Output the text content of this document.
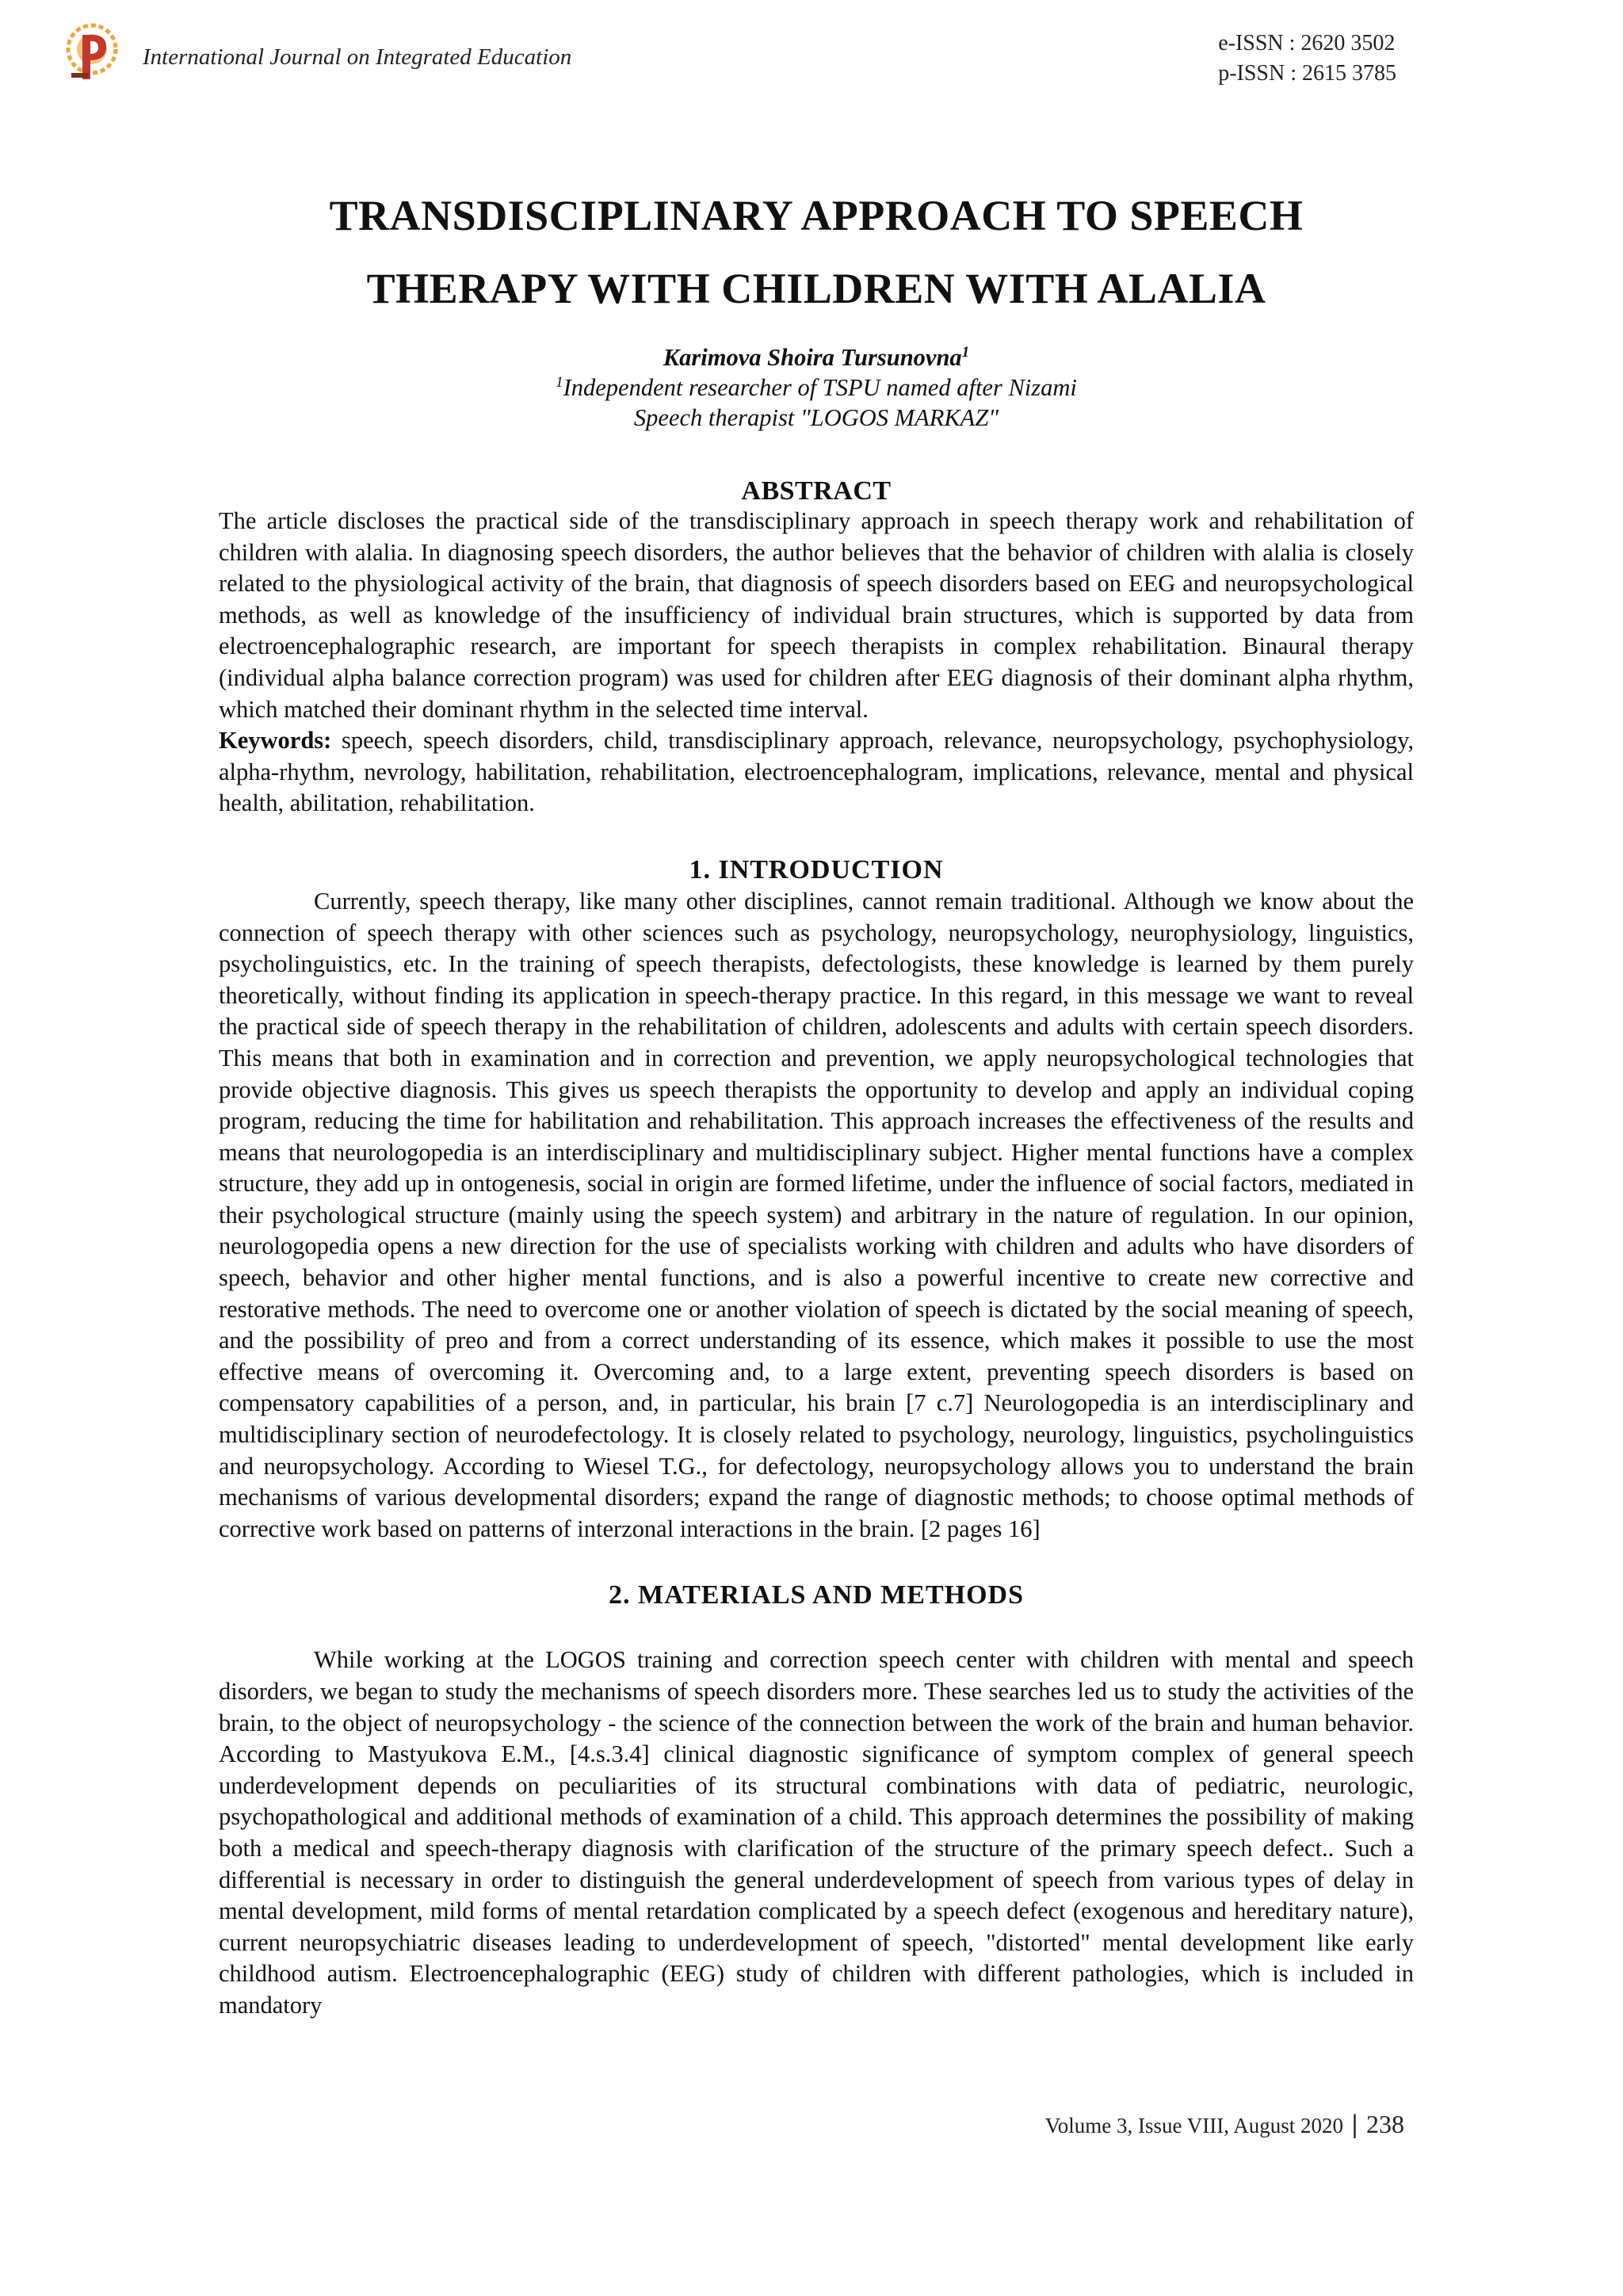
International Journal on Integrated Education
e-ISSN : 2620 3502
p-ISSN : 2615 3785
TRANSDISCIPLINARY APPROACH TO SPEECH
THERAPY WITH CHILDREN WITH ALALIA
Karimova Shoira Tursunovna$^1$
$^1$Independent researcher of TSPU named after Nizami
Speech therapist "LOGOS MARKAZ"
ABSTRACT

The article discloses the practical side of the transdisciplinary approach in speech therapy work and rehabilitation of children with alalia. In diagnosing speech disorders, the author believes that the behavior of children with alalia is closely related to the physiological activity of the brain, that diagnosis of speech disorders based on EEG and neuropsychological methods, as well as knowledge of the insufficiency of individual brain structures, which is supported by data from electroencephalographic research, are important for speech therapists in complex rehabilitation. Binaural therapy (individual alpha balance correction program) was used for children after EEG diagnosis of their dominant alpha rhythm, which matched their dominant rhythm in the selected time interval.

Keywords: speech, speech disorders, child, transdisciplinary approach, relevance, neuropsychology, psychophysiology, alpha-rhythm, nevrology, habilitation, rehabilitation, electroencephalogram, implications, relevance, mental and physical health, abilitation, rehabilitation.

1. INTRODUCTION

Currently, speech therapy, like many other disciplines, cannot remain traditional. Although we know about the connection of speech therapy with other sciences such as psychology, neuropsychology, neurophysiology, linguistics, psycholinguistics, etc. In the training of speech therapists, defectologists, these knowledge is learned by them purely theoretically, without finding its application in speech-therapy practice. In this regard, in this message we want to reveal the practical side of speech therapy in the rehabilitation of children, adolescents and adults with certain speech disorders. This means that both in examination and in correction and prevention, we apply neuropsychological technologies that provide objective diagnosis. This gives us speech therapists the opportunity to develop and apply an individual coping program, reducing the time for habilitation and rehabilitation. This approach increases the effectiveness of the results and means that neurologopedia is an interdisciplinary and multidisciplinary subject. Higher mental functions have a complex structure, they add up in ontogenesis, social in origin are formed lifetime, under the influence of social factors, mediated in their psychological structure (mainly using the speech system) and arbitrary in the nature of regulation. In our opinion, neurologopedia opens a new direction for the use of specialists working with children and adults who have disorders of speech, behavior and other higher mental functions, and is also a powerful incentive to create new corrective and restorative methods. The need to overcome one or another violation of speech is dictated by the social meaning of speech, and the possibility of preo and from a correct understanding of its essence, which makes it possible to use the most effective means of overcoming it. Overcoming and, to a large extent, preventing speech disorders is based on compensatory capabilities of a person, and, in particular, his brain [7 c.7] Neurologopedia is an interdisciplinary and multidisciplinary section of neurodefectology. It is closely related to psychology, neurology, linguistics, psycholinguistics and neuropsychology. According to Wiesel T.G., for defectology, neuropsychology allows you to understand the brain mechanisms of various developmental disorders; expand the range of diagnostic methods; to choose optimal methods of corrective work based on patterns of interzonal interactions in the brain. [2 pages 16]

2. MATERIALS AND METHODS

While working at the LOGOS training and correction speech center with children with mental and speech disorders, we began to study the mechanisms of speech disorders more. These searches led us to study the activities of the brain, to the object of neuropsychology - the science of the connection between the work of the brain and human behavior. According to Mastyukova E.M., [4.s.3.4] clinical diagnostic significance of symptom complex of general speech underdevelopment depends on peculiarities of its structural combinations with data of pediatric, neurologic, psychopathological and additional methods of examination of a child. This approach determines the possibility of making both a medical and speech-therapy diagnosis with clarification of the structure of the primary speech defect.. Such a differential is necessary in order to distinguish the general underdevelopment of speech from various types of delay in mental development, mild forms of mental retardation complicated by a speech defect (exogenous and hereditary nature), current neuropsychiatric diseases leading to underdevelopment of speech, "distorted" mental development like early childhood autism. Electroencephalographic (EEG) study of children with different pathologies, which is included in mandatory

Volume 3, Issue VIII, August 2020 | 238
